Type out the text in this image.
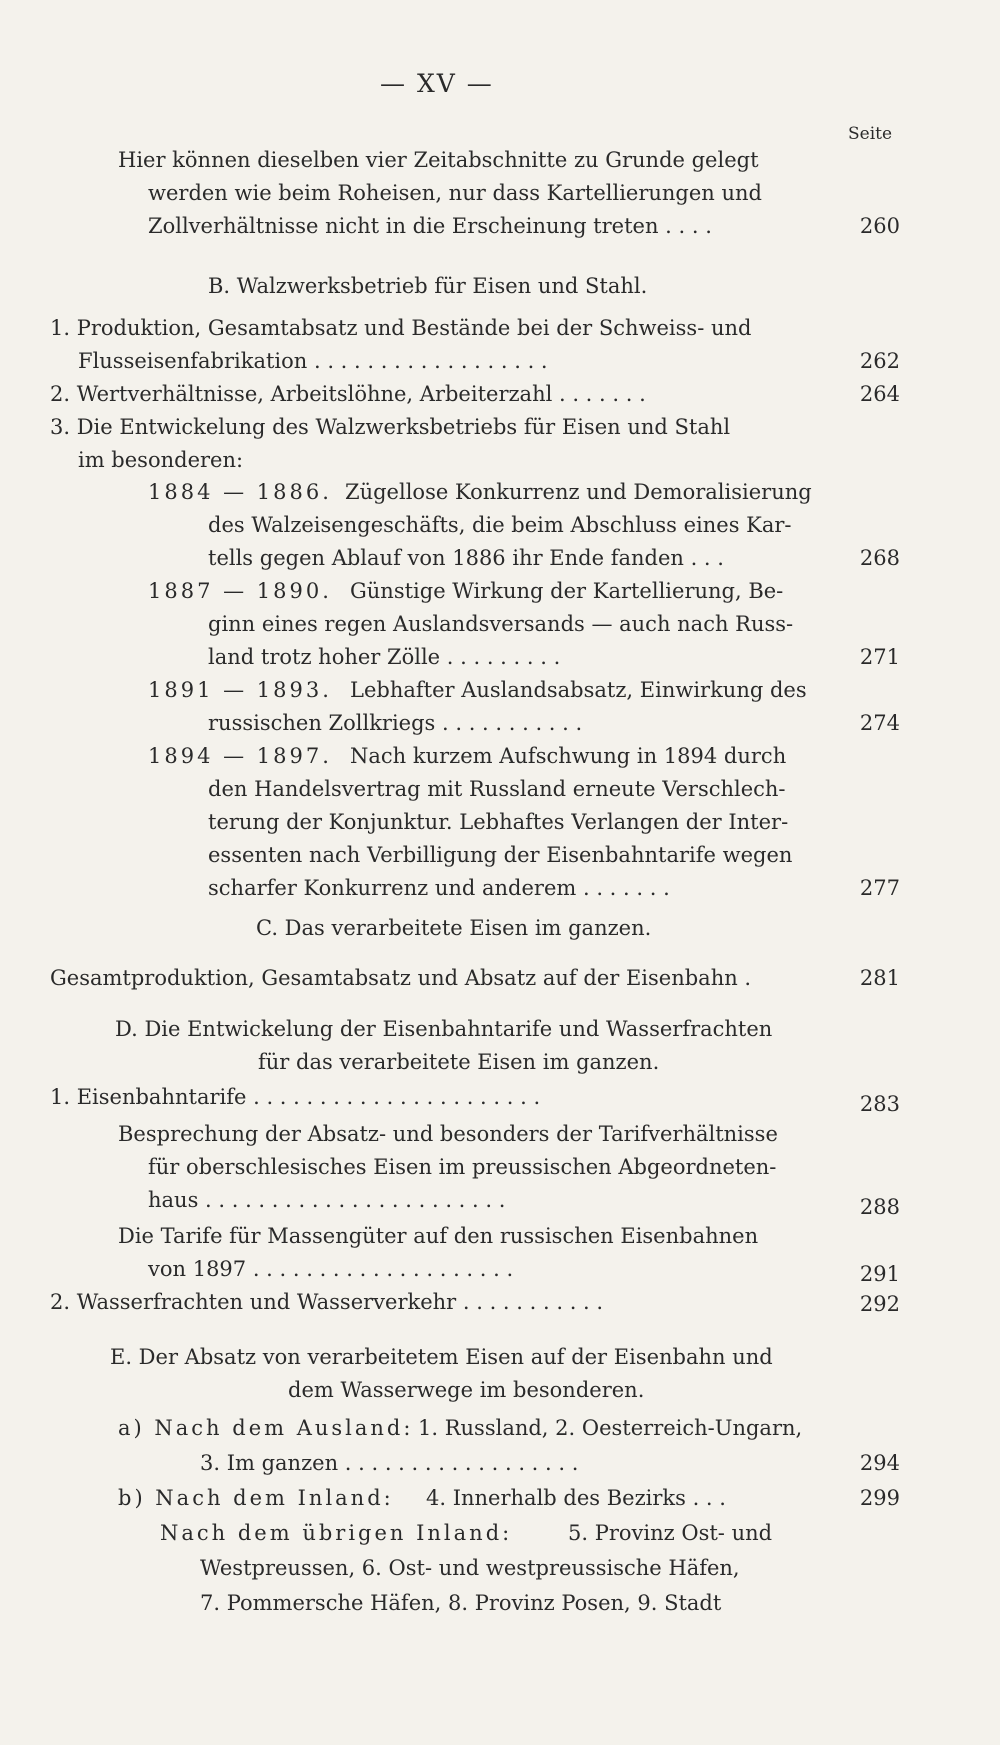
— XV —
Seite
Hier können dieselben vier Zeitabschnitte zu Grunde gelegt
werden wie beim Roheisen, nur dass Kartellierungen und
Zollverhältnisse nicht in die Erscheinung treten . . . .	260
B. Walzwerksbetrieb für Eisen und Stahl.
1. Produktion, Gesamtabsatz und Bestände bei der Schweiss- und
Flusseisenfabrikation . . . . . . . . . . . . . . . . . .	262
2. Wertverhältnisse, Arbeitslöhne, Arbeiterzahl . . . . . . .	264
3. Die Entwickelung des Walzwerksbetriebs für Eisen und Stahl
im besonderen:
1884 — 1886. Zügellose Konkurrenz und Demoralisierung
des Walzeisengeschäfts, die beim Abschluss eines Kar-
tells gegen Ablauf von 1886 ihr Ende fanden . . .	268
1887 — 1890. Günstige Wirkung der Kartellierung, Be-
ginn eines regen Auslandsversands — auch nach Russ-
land trotz hoher Zölle . . . . . . . . .	271
1891 — 1893. Lebhafter Auslandsabsatz, Einwirkung des
russischen Zollkriegs . . . . . . . . . . .	274
1894 — 1897. Nach kurzem Aufschwung in 1894 durch
den Handelsvertrag mit Russland erneute Verschlech-
terung der Konjunktur. Lebhaftes Verlangen der Inter-
essenten nach Verbilligung der Eisenbahntarife wegen
scharfer Konkurrenz und anderem . . . . . . .	277
C. Das verarbeitete Eisen im ganzen.
Gesamtproduktion, Gesamtabsatz und Absatz auf der Eisenbahn .	281
D. Die Entwickelung der Eisenbahntarife und Wasserfrachten
für das verarbeitete Eisen im ganzen.
1. Eisenbahntarife . . . . . . . . . . . . . . . . . . . . . .	283
Besprechung der Absatz- und besonders der Tarifverhältnisse
für oberschlesisches Eisen im preussischen Abgeordneten-
haus . . . . . . . . . . . . . . . . . . . . . . .	288
Die Tarife für Massengüter auf den russischen Eisenbahnen
von 1897 . . . . . . . . . . . . . . . . . . . .	291
2. Wasserfrachten und Wasserverkehr . . . . . . . . . . .	292
E. Der Absatz von verarbeitetem Eisen auf der Eisenbahn und
dem Wasserwege im besonderen.
a) Nach dem Ausland: 1. Russland, 2. Oesterreich-Ungarn,
3. Im ganzen . . . . . . . . . . . . . . . . . .	294
b) Nach dem Inland: 4. Innerhalb des Bezirks . . .	299
Nach dem übrigen Inland:	5. Provinz Ost- und
Westpreussen, 6. Ost- und westpreussische Häfen,
7. Pommersche Häfen, 8. Provinz Posen, 9. Stadt
